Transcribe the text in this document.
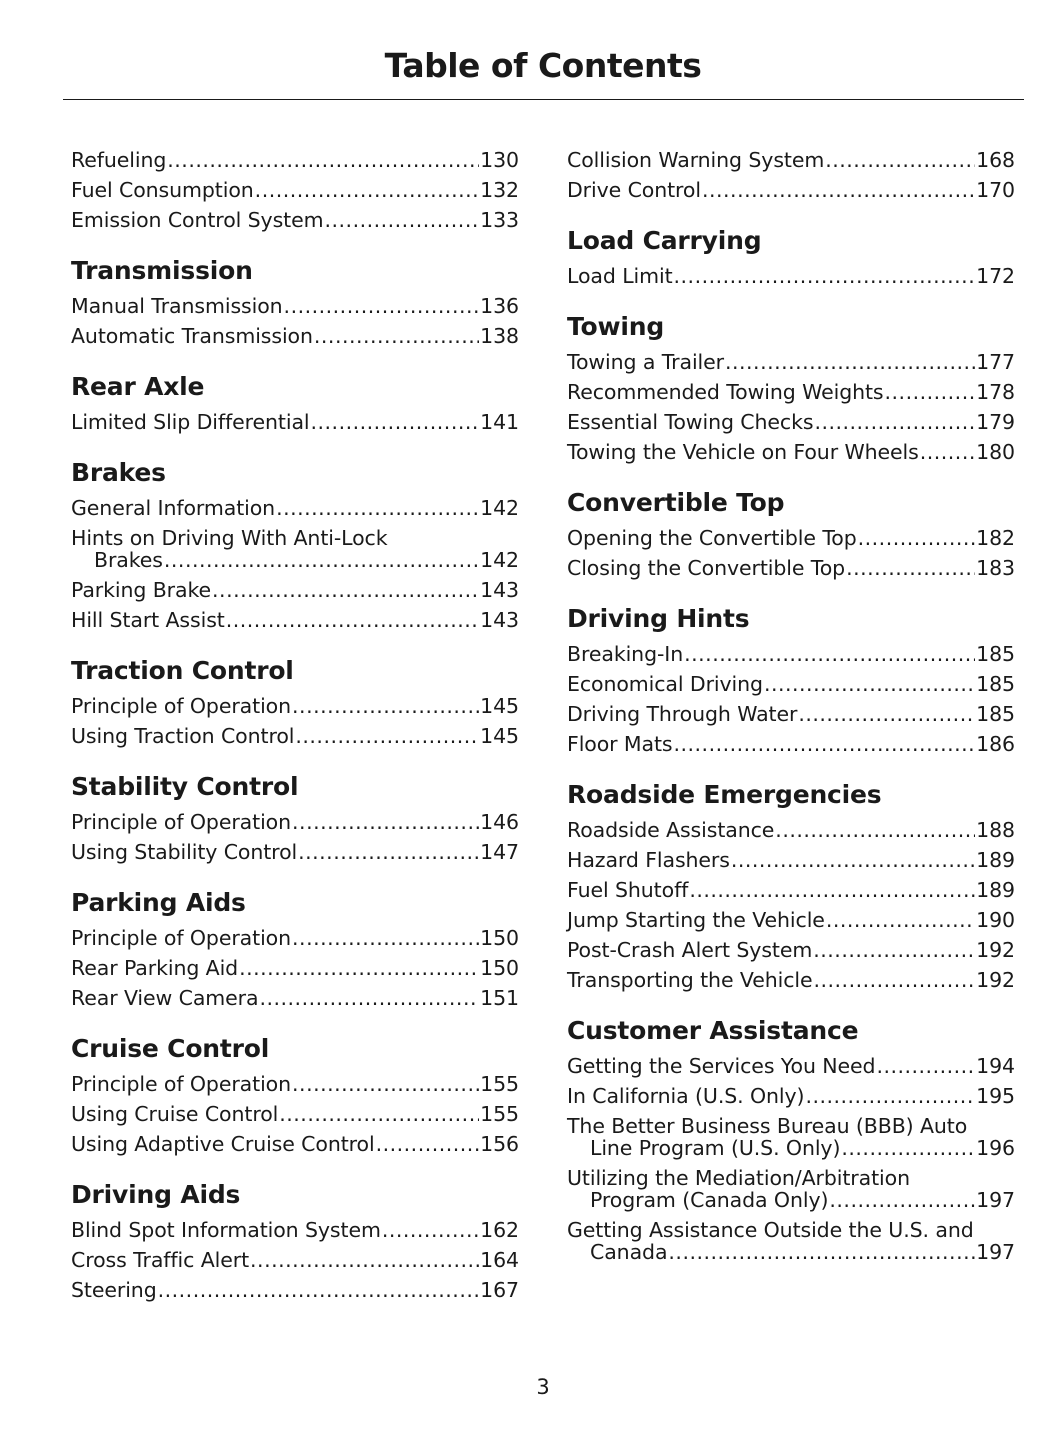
Table of Contents
Refueling .....	130
Fuel Consumption .....	132
Emission Control System .....	133
Transmission
Manual Transmission .....	136
Automatic Transmission .....	138
Rear Axle
Limited Slip Differential .....	141
Brakes
General Information .....	142
Hints on Driving With Anti-Lock
Brakes .....	142
Parking Brake .....	143
Hill Start Assist .....	143
Traction Control
Principle of Operation .....	145
Using Traction Control .....	145
Stability Control
Principle of Operation .....	146
Using Stability Control .....	147
Parking Aids
Principle of Operation .....	150
Rear Parking Aid .....	150
Rear View Camera .....	151
Cruise Control
Principle of Operation .....	155
Using Cruise Control .....	155
Using Adaptive Cruise Control .....	156
Driving Aids
Blind Spot Information System .....	162
Cross Traffic Alert .....	164
Steering .....	167
Collision Warning System .....	168
Drive Control .....	170
Load Carrying
Load Limit .....	172
Towing
Towing a Trailer .....	177
Recommended Towing Weights .....	178
Essential Towing Checks .....	179
Towing the Vehicle on Four Wheels .....	180
Convertible Top
Opening the Convertible Top .....	182
Closing the Convertible Top .....	183
Driving Hints
Breaking-In .....	185
Economical Driving .....	185
Driving Through Water .....	185
Floor Mats .....	186
Roadside Emergencies
Roadside Assistance .....	188
Hazard Flashers .....	189
Fuel Shutoff .....	189
Jump Starting the Vehicle .....	190
Post-Crash Alert System .....	192
Transporting the Vehicle .....	192
Customer Assistance
Getting the Services You Need .....	194
In California (U.S. Only) .....	195
The Better Business Bureau (BBB) Auto
Line Program (U.S. Only) .....	196
Utilizing the Mediation/Arbitration
Program (Canada Only) .....	197
Getting Assistance Outside the U.S. and
Canada .....	197
3
